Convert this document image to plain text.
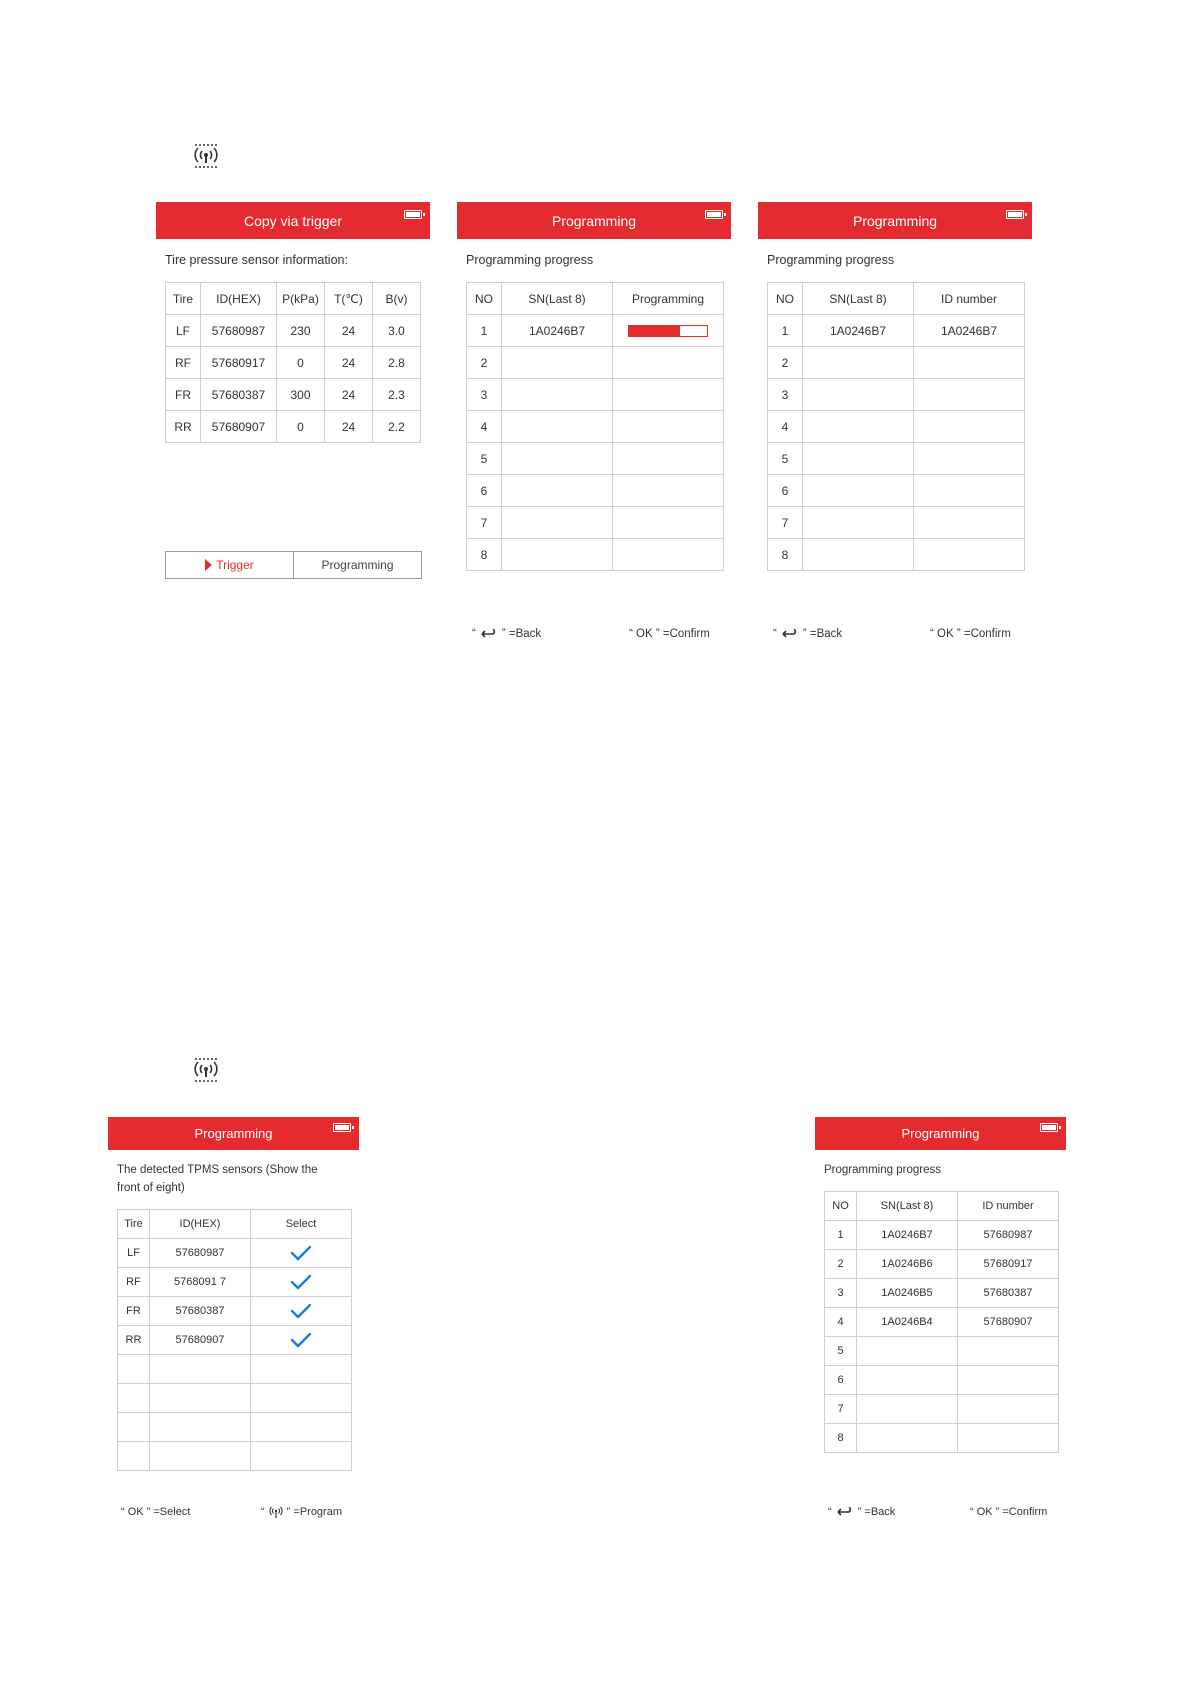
Copy via trigger
Tire pressure sensor information:
Tire	ID(HEX)	P(kPa)	T(℃)	B(v)
LF	57680987	230	24	3.0
RF	57680917	0	24	2.8
FR	57680387	300	24	2.3
RR	57680907	0	24	2.2
Trigger	Programming
Programming
Programming progress
NO	SN(Last 8)	Programming
1	1A0246B7	

2		
3		
4		
5		
6		
7		
8		
“ ” =Back	“ OK ” =Confirm
Programming
Programming progress
NO	SN(Last 8)	ID number
1	1A0246B7	1A0246B7
2		
3		
4		
5		
6		
7		
8		
“ ” =Back	“ OK ” =Confirm
Programming
The detected TPMS sensors (Show the
front of eight)
Tire	ID(HEX)	Select
LF	57680987	
RF	5768091 7	
FR	57680387	
RR	57680907	

“ OK ” =Select	“ ” =Program
Programming
Programming progress
NO	SN(Last 8)	ID number
1	1A0246B7	57680987
2	1A0246B6	57680917
3	1A0246B5	57680387
4	1A0246B4	57680907
5		
6		
7		
8		
“ ” =Back	“ OK ” =Confirm
